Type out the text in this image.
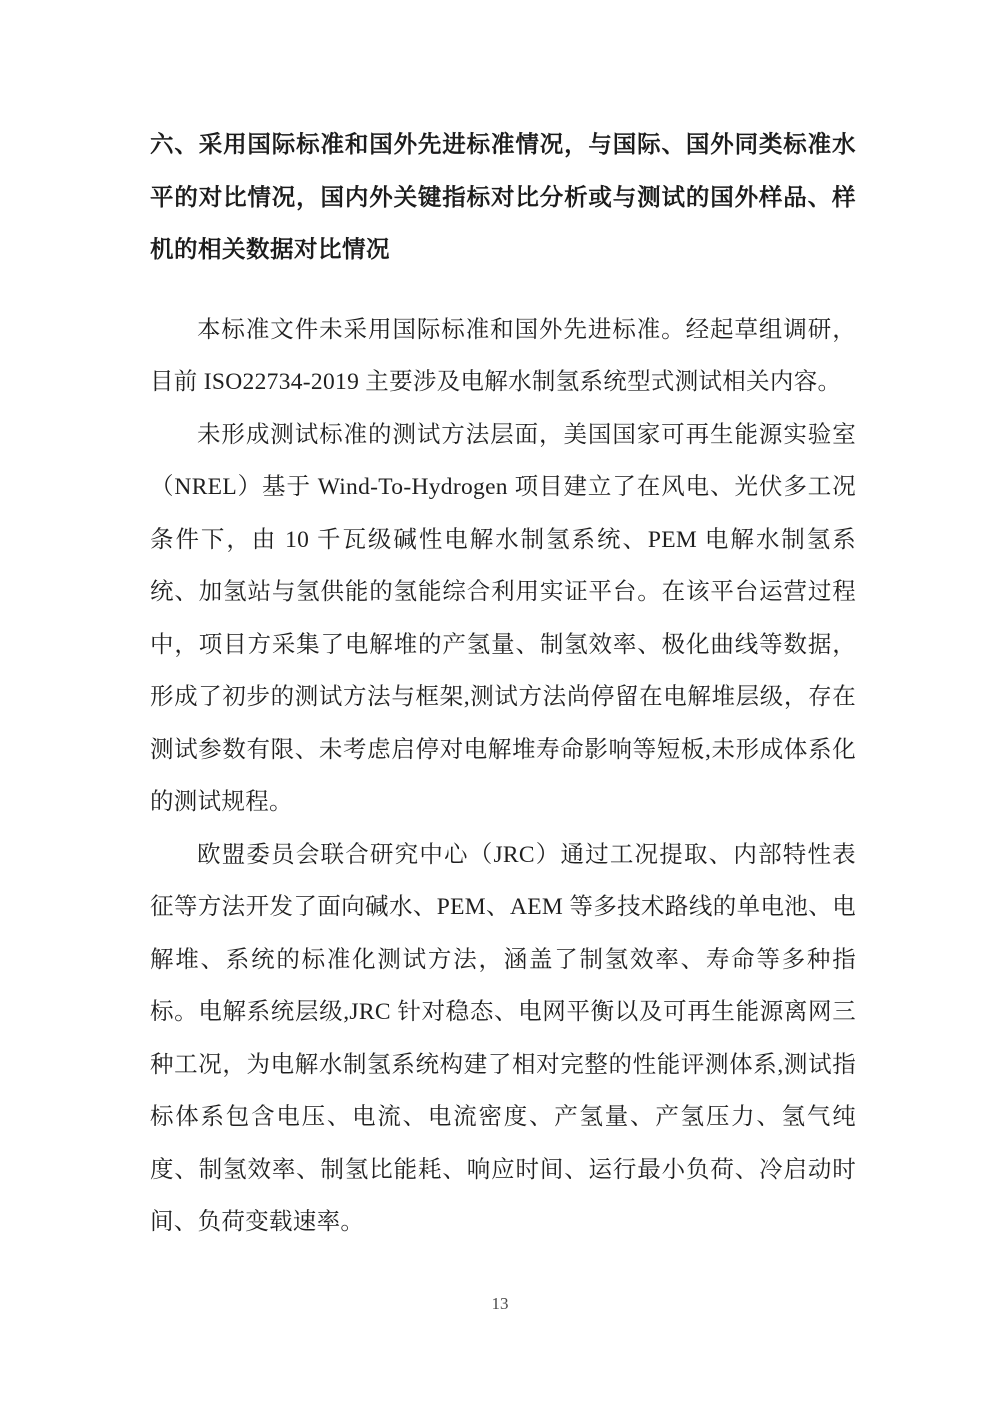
六、采用国际标准和国外先进标准情况，与国际、国外同类标准水平的对比情况，国内外关键指标对比分析或与测试的国外样品、样机的相关数据对比情况

本标准文件未采用国际标准和国外先进标准。经起草组调研，目前 ISO22734-2019 主要涉及电解水制氢系统型式测试相关内容。

未形成测试标准的测试方法层面，美国国家可再生能源实验室（NREL）基于 Wind-To-Hydrogen 项目建立了在风电、光伏多工况条件下，由 10 千瓦级碱性电解水制氢系统、PEM 电解水制氢系统、加氢站与氢供能的氢能综合利用实证平台。在该平台运营过程中，项目方采集了电解堆的产氢量、制氢效率、极化曲线等数据，形成了初步的测试方法与框架,测试方法尚停留在电解堆层级，存在测试参数有限、未考虑启停对电解堆寿命影响等短板,未形成体系化的测试规程。

欧盟委员会联合研究中心（JRC）通过工况提取、内部特性表征等方法开发了面向碱水、PEM、AEM 等多技术路线的单电池、电解堆、系统的标准化测试方法，涵盖了制氢效率、寿命等多种指标。电解系统层级,JRC 针对稳态、电网平衡以及可再生能源离网三种工况，为电解水制氢系统构建了相对完整的性能评测体系,测试指标体系包含电压、电流、电流密度、产氢量、产氢压力、氢气纯度、制氢效率、制氢比能耗、响应时间、运行最小负荷、冷启动时间、负荷变载速率。

13
